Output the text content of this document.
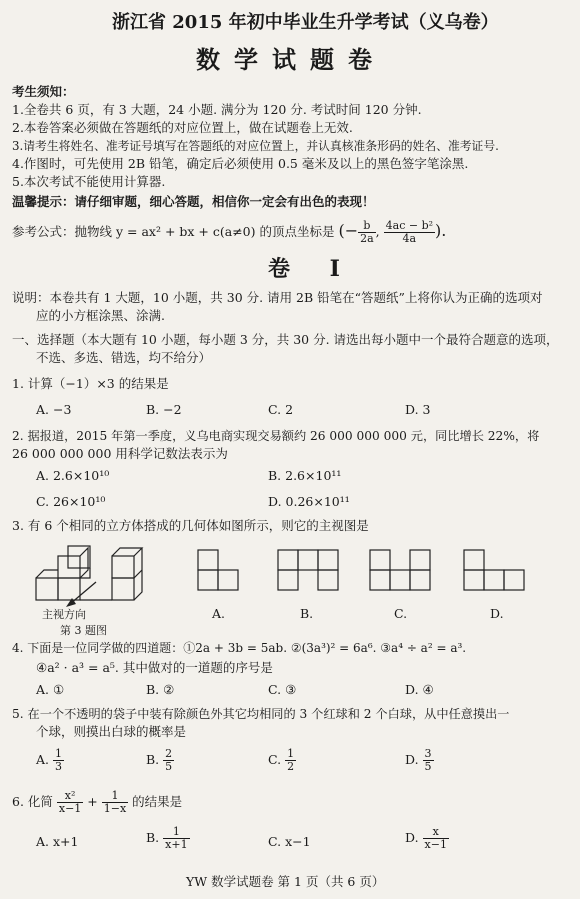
浙江省 2015 年初中毕业生升学考试（义乌卷）
数学试题卷
考生须知：
1.全卷共 6 页，有 3 大题，24 小题. 满分为 120 分. 考试时间 120 分钟.
2.本卷答案必须做在答题纸的对应位置上，做在试题卷上无效.
3.请考生将姓名、准考证号填写在答题纸的对应位置上，并认真核准条形码的姓名、准考证号.
4.作图时，可先使用 2B 铅笔，确定后必须使用 0.5 毫米及以上的黑色签字笔涂黑.
5.本次考试不能使用计算器.
温馨提示：请仔细审题，细心答题，相信你一定会有出色的表现！
参考公式：抛物线 y = ax² + bx + c(a≠0) 的顶点坐标是 (− $\frac{b}{2a}$ , $\frac{\text{4ac − b²}}{4a}$ ).
卷 Ⅰ
说明：本卷共有 1 大题，10 小题，共 30 分. 请用 2B 铅笔在“答题纸”上将你认为正确的选项对
应的小方框涂黑、涂满.
一、选择题（本大题有 10 小题，每小题 3 分，共 30 分. 请选出每小题中一个最符合题意的选项，
不选、多选、错选，均不给分）
1. 计算（−1）×3 的结果是
A. −3	B. −2	C. 2	D. 3
2. 据报道，2015 年第一季度，义乌电商实现交易额约 26 000 000 000 元，同比增长 22%，将
26 000 000 000 用科学记数法表示为
A. 2.6×10¹⁰	B. 2.6×10¹¹
C. 26×10¹⁰	D. 0.26×10¹¹
3. 有 6 个相同的立方体搭成的几何体如图所示，则它的主视图是
主视方向
第 3 题图
A.	B.	C.	D.
4. 下面是一位同学做的四道题：①2a + 3b = 5ab. ②(3a³)² = 6a⁶. ③a⁴ ÷ a² = a³.
④a² · a³ = a⁵. 其中做对的一道题的序号是
A. ①	B. ②	C. ③	D. ④
5. 在一个不透明的袋子中装有除颜色外其它均相同的 3 个红球和 2 个白球，从中任意摸出一
个球，则摸出白球的概率是
A. $\frac{1}{3}$	B. $\frac{2}{5}$	C. $\frac{1}{2}$	D. $\frac{3}{5}$
6. 化简 $\frac{\text{x²}}{x-1} + \frac{1}{1-x}$ 的结果是
A. x+1	B. $\frac{1}{x+1}$	C. x−1	D. $\frac{x}{x-1}$
YW 数学试题卷 第 1 页（共 6 页）
